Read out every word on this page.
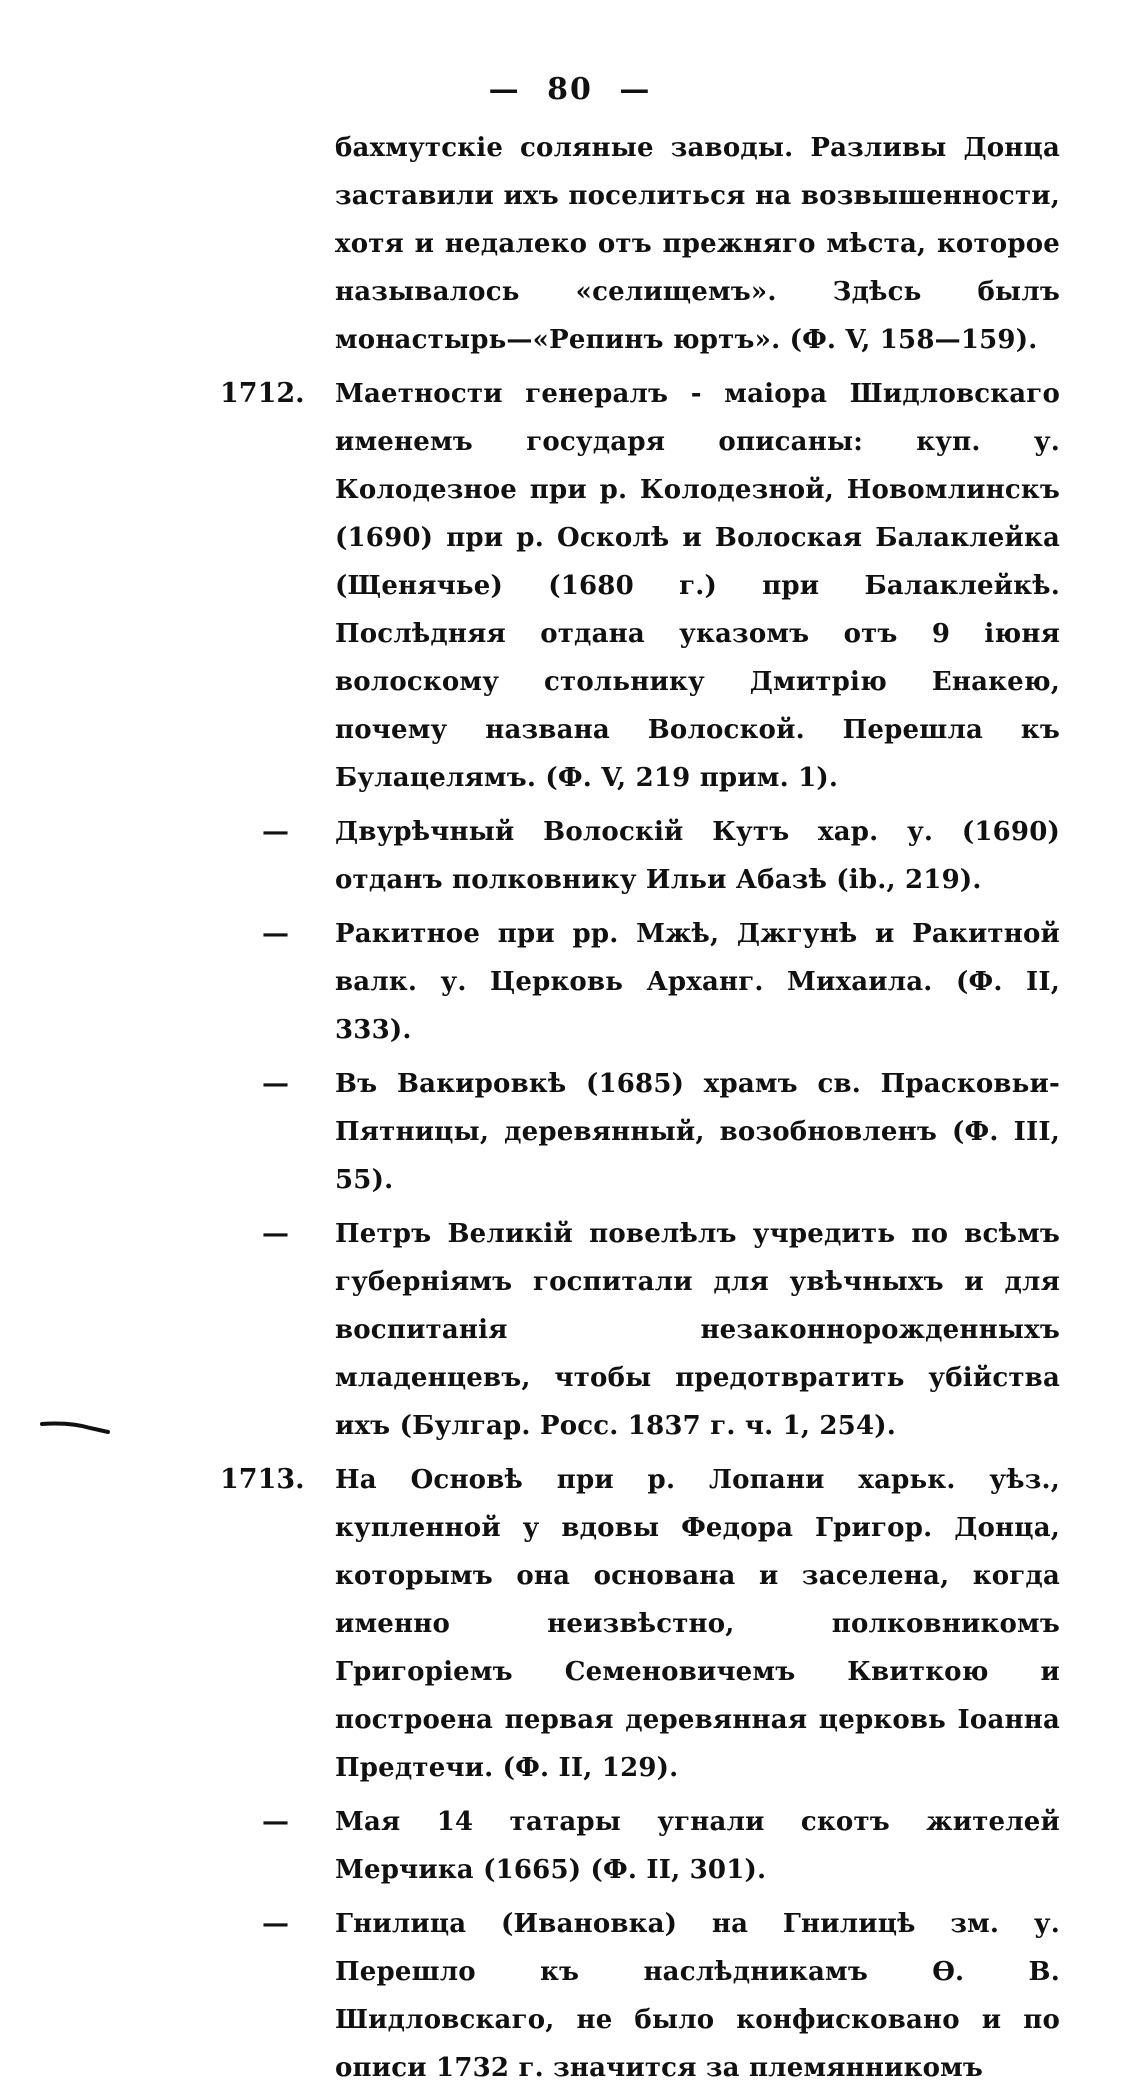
— 80 —
бахмутскіе соляные заводы. Разливы Донца заставили ихъ поселиться на возвышенности, хотя и недалеко отъ прежняго мѣста, которое называлось «селищемъ». Здѣсь былъ монастырь—«Репинъ юртъ». (Ф. V, 158—159).
1712.	Маетности генералъ - маіора Шидловскаго именемъ государя описаны: куп. у. Колодезное при р. Колодезной, Новомлинскъ (1690) при р. Осколѣ и Волоская Балаклейка (Щенячье) (1680 г.) при Балаклейкѣ. Послѣдняя отдана указомъ отъ 9 іюня волоскому стольнику Дмитрію Енакею, почему названа Волоской. Перешла къ Булацелямъ. (Ф. V, 219 прим. 1).
—	Двурѣчный Волоскій Кутъ хар. у. (1690) отданъ полковнику Ильи Абазѣ (ib., 219).
—	Ракитное при рр. Мжѣ, Джгунѣ и Ракитной валк. у. Церковь Арханг. Михаила. (Ф. II, 333).
—	Въ Вакировкѣ (1685) храмъ св. Прасковьи-Пятницы, деревянный, возобновленъ (Ф. III, 55).
—	Петръ Великій повелѣлъ учредить по всѣмъ губерніямъ госпитали для увѣчныхъ и для воспитанія незаконнорожденныхъ младенцевъ, чтобы предотвратить убійства ихъ (Булгар. Росс. 1837 г. ч. 1, 254).
1713.	На Основѣ при р. Лопани харьк. уѣз., купленной у вдовы Федора Григор. Донца, которымъ она основана и заселена, когда именно неизвѣстно, полковникомъ Григоріемъ Семеновичемъ Квиткою и построена первая деревянная церковь Іоанна Предтечи. (Ф. II, 129).
—	Мая 14 татары угнали скотъ жителей Мерчика (1665) (Ф. II, 301).
—	Гнилица (Ивановка) на Гнилицѣ зм. у. Перешло къ наслѣдникамъ Ѳ. В. Шидловскаго, не было конфисковано и по описи 1732 г. значится за племянникомъ
